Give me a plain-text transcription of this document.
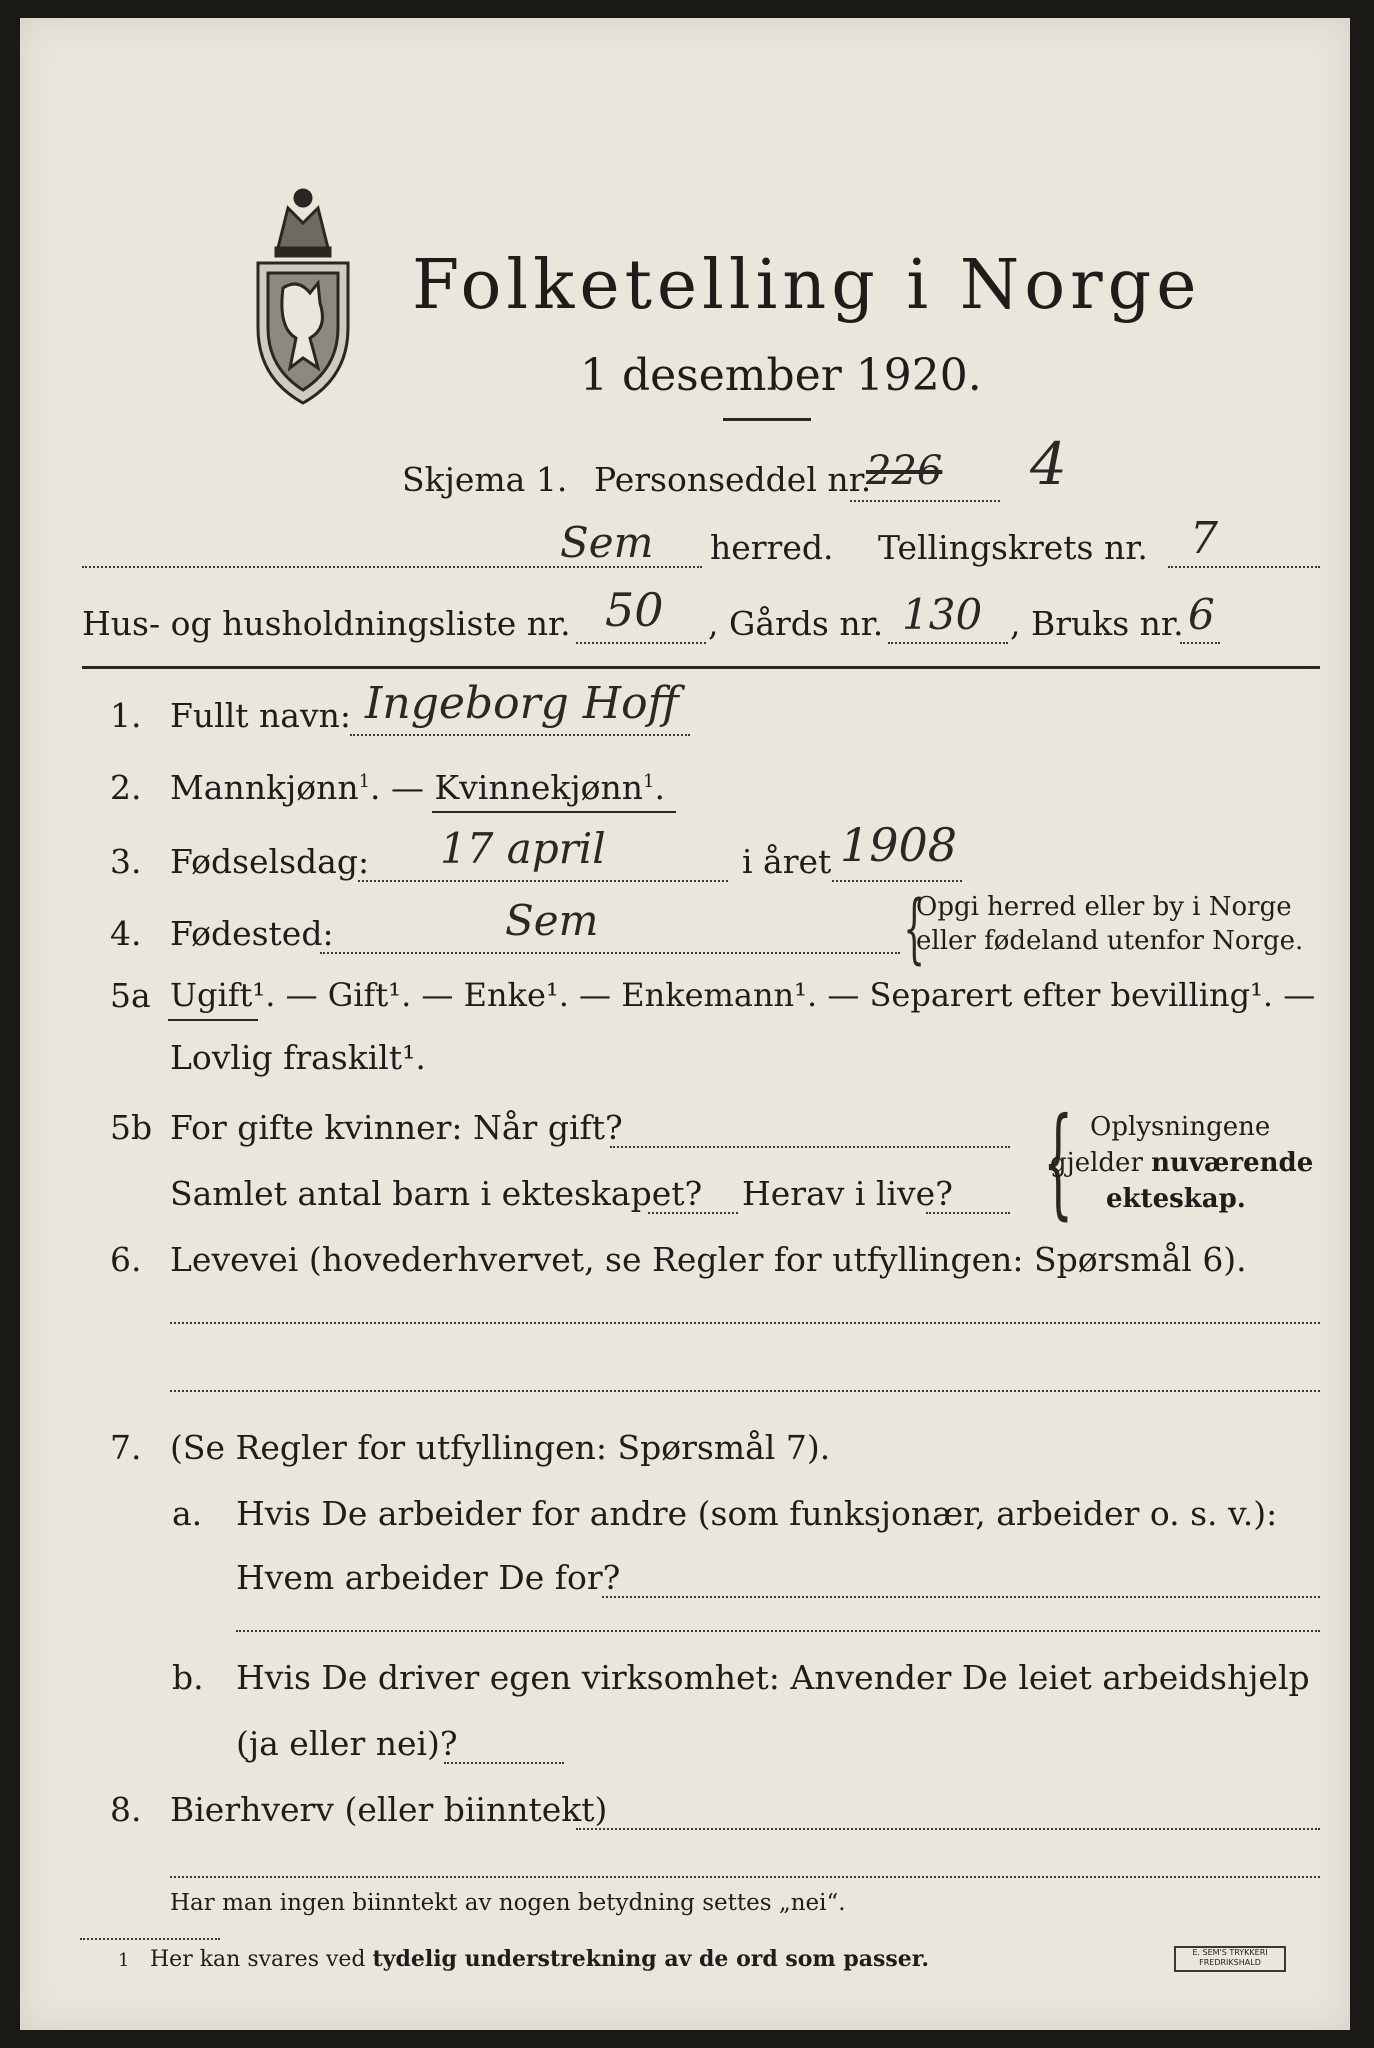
Folketelling i Norge
1 desember 1920.
Skjema 1. Personseddel nr.
226 4
Sem herred. Tellingskrets nr. 7
Hus- og husholdningsliste nr. 50 , Gårds nr. 130 , Bruks nr. 6
1. Fullt navn: Ingeborg Hoff
2. Mannkjønn$^1$. — Kvinnekjønn$^1$.
3. Fødselsdag: 17 april	i året 1908
4. Fødested:	Sem	{
Opgi herred eller by i Norge
eller fødeland utenfor Norge.
5a Ugift¹. — Gift¹. — Enke¹. — Enkemann¹. — Separert efter bevilling¹. —
Lovlig fraskilt¹.
5b For gifte kvinner: Når gift?
Samlet antal barn i ekteskapet? Herav i live? { Oplysningene
gjelder nuværende
ekteskap.
6. Levevei (hovederhvervet, se Regler for utfyllingen: Spørsmål 6).
7. (Se Regler for utfyllingen: Spørsmål 7).
a. Hvis De arbeider for andre (som funksjonær, arbeider o. s. v.):
Hvem arbeider De for?
b. Hvis De driver egen virksomhet: Anvender De leiet arbeidshjelp
(ja eller nei)?
8. Bierhverv (eller biinntekt)
Har man ingen biinntekt av nogen betydning settes „nei“.
1 Her kan svares ved tydelig understrekning av de ord som passer.	E. SEM'S TRYKKERI
FREDRIKSHALD
